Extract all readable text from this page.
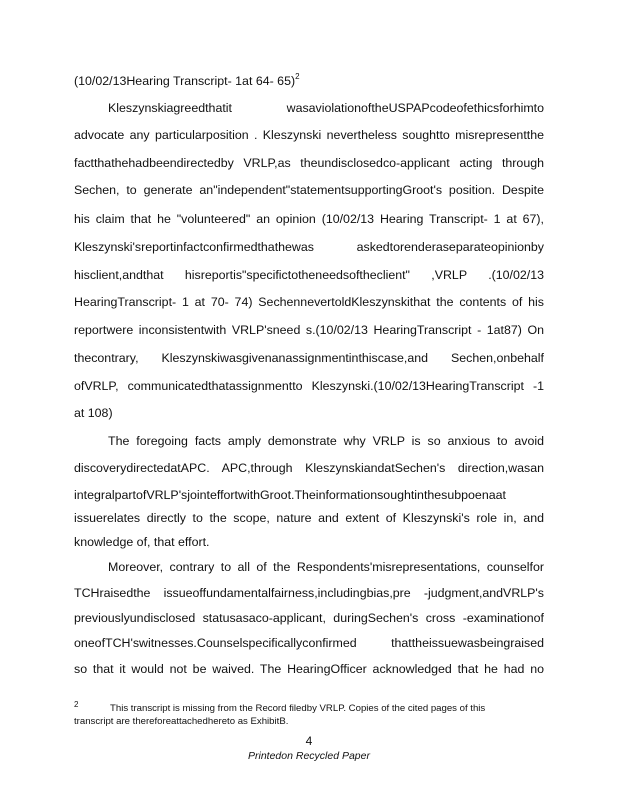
(10/02/13Hearing Transcript- 1at 64- 65)$^2$
Kleszynskiagreedthatit wasaviolationoftheUSPAPcodeofethicsforhimto
advocate any particularposition . Kleszynski nevertheless soughtto misrepresentthe
factthathehadbeendirectedby VRLP,as theundisclosedco-applicant acting through
Sechen, to generate an"independent"statementsupportingGroot's position. Despite
his claim that he "volunteered" an opinion (10/02/13 Hearing Transcript- 1 at 67),
Kleszynski'sreportinfactconfirmedthathewas askedtorenderaseparateopinionby
hisclient,andthat hisreportis"specifictotheneedsoftheclient" ,VRLP .(10/02/13
HearingTranscript- 1 at 70- 74) SechennevertoldKleszynskithat the contents of his
reportwere inconsistentwith VRLP'sneed s.(10/02/13 HearingTranscript - 1at87) On
thecontrary, Kleszynskiwasgivenanassignmentinthiscase,and Sechen,onbehalf
ofVRLP, communicatedthatassignmentto Kleszynski.(10/02/13HearingTranscript -1
at 108)
The foregoing facts amply demonstrate why VRLP is so anxious to avoid
discoverydirectedatAPC. APC,through KleszynskiandatSechen's direction,wasan
integralpartofVRLP'sjointeffortwithGroot.Theinformationsoughtinthesubpoenaat
issuerelates directly to the scope, nature and extent of Kleszynski's role in, and
knowledge of, that effort.
Moreover, contrary to all of the Respondents'misrepresentations, counselfor
TCHraisedthe issueoffundamentalfairness,includingbias,pre -judgment,andVRLP's
previouslyundisclosed statusasaco-applicant, duringSechen's cross -examinationof
oneofTCH'switnesses.Counselspecificallyconfirmed thattheissuewasbeingraised
so that it would not be waived. The HearingOfficer acknowledged that he had no
2	This transcript is missing from the Record filedby VRLP. Copies of the cited pages of this
transcript are thereforeattachedhereto as ExhibitB.
4
Printedon Recycled Paper
